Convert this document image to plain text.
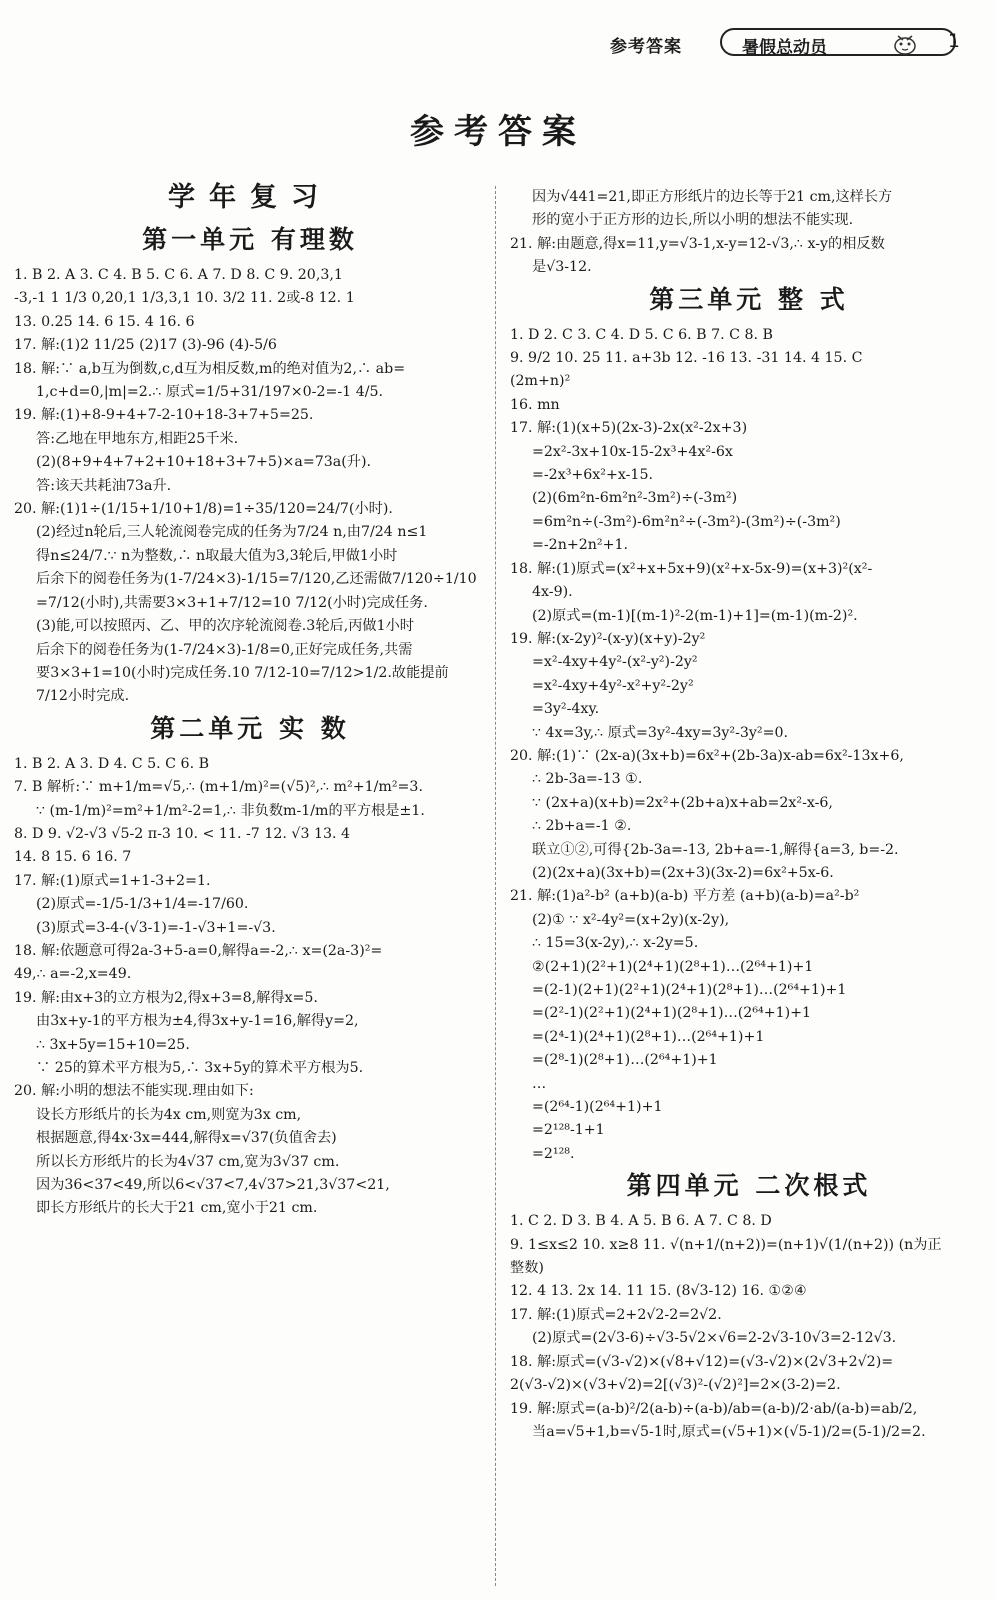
参考答案	暑假总动员	1
参考答案
学年复习
第一单元 有理数
1. B 2. A 3. C 4. B 5. C 6. A 7. D 8. C 9. 20,3,1
-3,-1 1 1/3 0,20,1 1/3,3,1 10. 3/2 11. 2或-8 12. 1
13. 0.25 14. 6 15. 4 16. 6
17. 解:(1)2 11/25 (2)17 (3)-96 (4)-5/6
18. 解:∵ a,b互为倒数,c,d互为相反数,m的绝对值为2,∴ ab=
1,c+d=0,|m|=2.∴ 原式=1/5+31/197×0-2=-1 4/5.
19. 解:(1)+8-9+4+7-2-10+18-3+7+5=25.
答:乙地在甲地东方,相距25千米.
(2)(8+9+4+7+2+10+18+3+7+5)×a=73a(升).
答:该天共耗油73a升.
20. 解:(1)1÷(1/15+1/10+1/8)=1÷35/120=24/7(小时).
(2)经过n轮后,三人轮流阅卷完成的任务为7/24 n,由7/24 n≤1
得n≤24/7.∵ n为整数,∴ n取最大值为3,3轮后,甲做1小时
后余下的阅卷任务为(1-7/24×3)-1/15=7/120,乙还需做7/120÷1/10
=7/12(小时),共需要3×3+1+7/12=10 7/12(小时)完成任务.
(3)能,可以按照丙、乙、甲的次序轮流阅卷.3轮后,丙做1小时
后余下的阅卷任务为(1-7/24×3)-1/8=0,正好完成任务,共需
要3×3+1=10(小时)完成任务.10 7/12-10=7/12>1/2.故能提前
7/12小时完成.
第二单元 实 数
1. B 2. A 3. D 4. C 5. C 6. B
7. B 解析:∵ m+1/m=√5,∴ (m+1/m)²=(√5)²,∴ m²+1/m²=3.
∵ (m-1/m)²=m²+1/m²-2=1,∴ 非负数m-1/m的平方根是±1.
8. D 9. √2-√3 √5-2 π-3 10. < 11. -7 12. √3 13. 4
14. 8 15. 6 16. 7
17. 解:(1)原式=1+1-3+2=1.
(2)原式=-1/5-1/3+1/4=-17/60.
(3)原式=3-4-(√3-1)=-1-√3+1=-√3.
18. 解:依题意可得2a-3+5-a=0,解得a=-2,∴ x=(2a-3)²=
49,∴ a=-2,x=49.
19. 解:由x+3的立方根为2,得x+3=8,解得x=5.
由3x+y-1的平方根为±4,得3x+y-1=16,解得y=2,
∴ 3x+5y=15+10=25.
∵ 25的算术平方根为5,∴ 3x+5y的算术平方根为5.
20. 解:小明的想法不能实现.理由如下:
设长方形纸片的长为4x cm,则宽为3x cm,
根据题意,得4x·3x=444,解得x=√37(负值舍去)
所以长方形纸片的长为4√37 cm,宽为3√37 cm.
因为36<37<49,所以6<√37<7,4√37>21,3√37<21,
即长方形纸片的长大于21 cm,宽小于21 cm.
因为√441=21,即正方形纸片的边长等于21 cm,这样长方
形的宽小于正方形的边长,所以小明的想法不能实现.
21. 解:由题意,得x=11,y=√3-1,x-y=12-√3,∴ x-y的相反数
是√3-12.
第三单元 整 式
1. D 2. C 3. C 4. D 5. C 6. B 7. C 8. B
9. 9/2 10. 25 11. a+3b 12. -16 13. -31 14. 4 15. C
(2m+n)²
16. mn
17. 解:(1)(x+5)(2x-3)-2x(x²-2x+3)
=2x²-3x+10x-15-2x³+4x²-6x
=-2x³+6x²+x-15.
(2)(6m²n-6m²n²-3m²)÷(-3m²)
=6m²n÷(-3m²)-6m²n²÷(-3m²)-(3m²)÷(-3m²)
=-2n+2n²+1.
18. 解:(1)原式=(x²+x+5x+9)(x²+x-5x-9)=(x+3)²(x²-
4x-9).
(2)原式=(m-1)[(m-1)²-2(m-1)+1]=(m-1)(m-2)².
19. 解:(x-2y)²-(x-y)(x+y)-2y²
=x²-4xy+4y²-(x²-y²)-2y²
=x²-4xy+4y²-x²+y²-2y²
=3y²-4xy.
∵ 4x=3y,∴ 原式=3y²-4xy=3y²-3y²=0.
20. 解:(1)∵ (2x-a)(3x+b)=6x²+(2b-3a)x-ab=6x²-13x+6,
∴ 2b-3a=-13 ①.
∵ (2x+a)(x+b)=2x²+(2b+a)x+ab=2x²-x-6,
∴ 2b+a=-1 ②.
联立①②,可得{2b-3a=-13, 2b+a=-1,解得{a=3, b=-2.
(2)(2x+a)(3x+b)=(2x+3)(3x-2)=6x²+5x-6.
21. 解:(1)a²-b² (a+b)(a-b) 平方差 (a+b)(a-b)=a²-b²
(2)① ∵ x²-4y²=(x+2y)(x-2y),
∴ 15=3(x-2y),∴ x-2y=5.
②(2+1)(2²+1)(2⁴+1)(2⁸+1)…(2⁶⁴+1)+1
=(2-1)(2+1)(2²+1)(2⁴+1)(2⁸+1)…(2⁶⁴+1)+1
=(2²-1)(2²+1)(2⁴+1)(2⁸+1)…(2⁶⁴+1)+1
=(2⁴-1)(2⁴+1)(2⁸+1)…(2⁶⁴+1)+1
=(2⁸-1)(2⁸+1)…(2⁶⁴+1)+1
…
=(2⁶⁴-1)(2⁶⁴+1)+1
=2¹²⁸-1+1
=2¹²⁸.
第四单元 二次根式
1. C 2. D 3. B 4. A 5. B 6. A 7. C 8. D
9. 1≤x≤2 10. x≥8 11. √(n+1/(n+2))=(n+1)√(1/(n+2)) (n为正
整数)
12. 4 13. 2x 14. 11 15. (8√3-12) 16. ①②④
17. 解:(1)原式=2+2√2-2=2√2.
(2)原式=(2√3-6)÷√3-5√2×√6=2-2√3-10√3=2-12√3.
18. 解:原式=(√3-√2)×(√8+√12)=(√3-√2)×(2√3+2√2)=
2(√3-√2)×(√3+√2)=2[(√3)²-(√2)²]=2×(3-2)=2.
19. 解:原式=(a-b)²/2(a-b)÷(a-b)/ab=(a-b)/2·ab/(a-b)=ab/2,
当a=√5+1,b=√5-1时,原式=(√5+1)×(√5-1)/2=(5-1)/2=2.
